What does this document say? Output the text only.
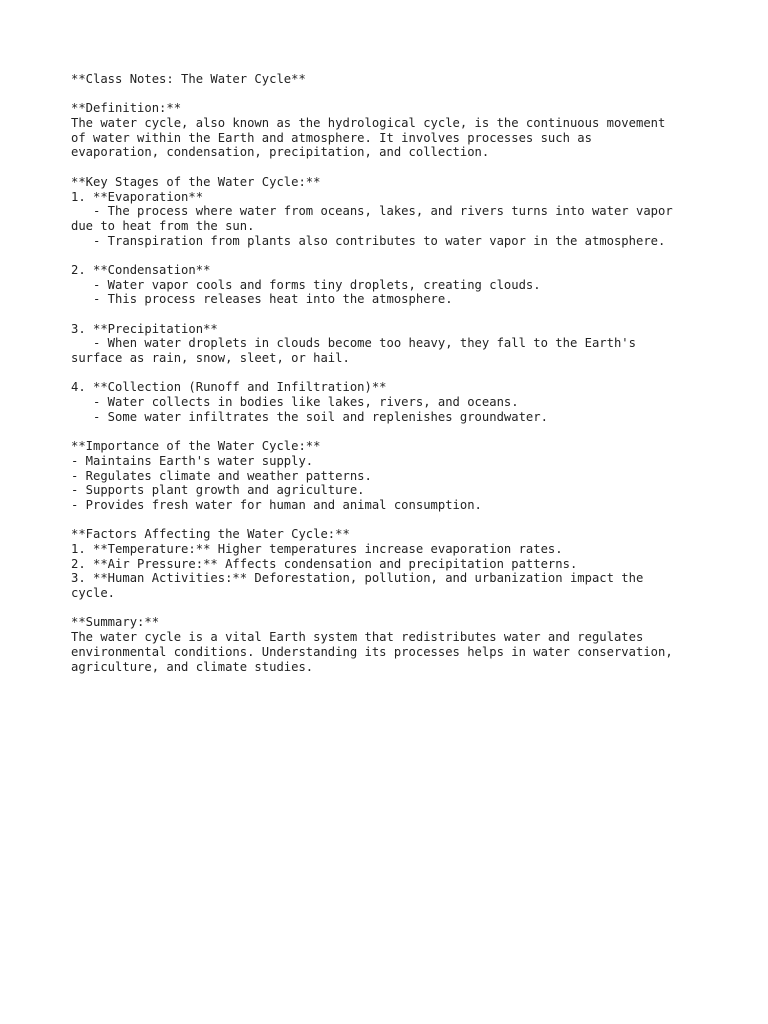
**Class Notes: The Water Cycle**
**Definition:**
The water cycle, also known as the hydrological cycle, is the continuous movement
of water within the Earth and atmosphere. It involves processes such as
evaporation, condensation, precipitation, and collection.
**Key Stages of the Water Cycle:**
1. **Evaporation**
- The process where water from oceans, lakes, and rivers turns into water vapor
due to heat from the sun.
- Transpiration from plants also contributes to water vapor in the atmosphere.
2. **Condensation**
- Water vapor cools and forms tiny droplets, creating clouds.
- This process releases heat into the atmosphere.
3. **Precipitation**
- When water droplets in clouds become too heavy, they fall to the Earth's
surface as rain, snow, sleet, or hail.
4. **Collection (Runoff and Infiltration)**
- Water collects in bodies like lakes, rivers, and oceans.
- Some water infiltrates the soil and replenishes groundwater.
**Importance of the Water Cycle:**
- Maintains Earth's water supply.
- Regulates climate and weather patterns.
- Supports plant growth and agriculture.
- Provides fresh water for human and animal consumption.
**Factors Affecting the Water Cycle:**
1. **Temperature:** Higher temperatures increase evaporation rates.
2. **Air Pressure:** Affects condensation and precipitation patterns.
3. **Human Activities:** Deforestation, pollution, and urbanization impact the
cycle.
**Summary:**
The water cycle is a vital Earth system that redistributes water and regulates
environmental conditions. Understanding its processes helps in water conservation,
agriculture, and climate studies.
